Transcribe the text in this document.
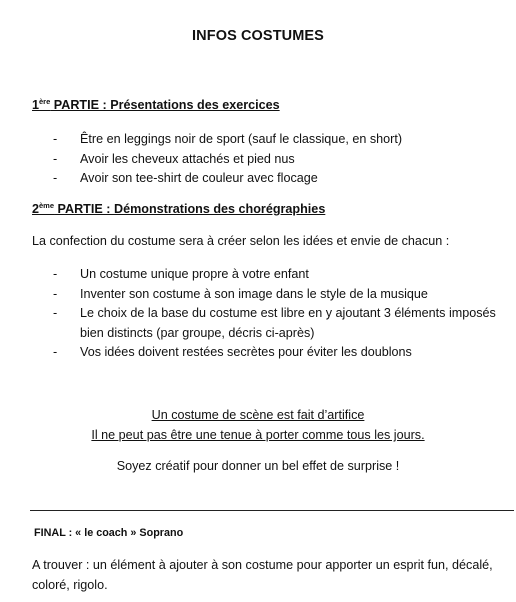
INFOS COSTUMES
1ère PARTIE : Présentations des exercices
- Être en leggings noir de sport (sauf le classique, en short)
- Avoir les cheveux attachés et pied nus
- Avoir son tee-shirt de couleur avec flocage
2ème PARTIE : Démonstrations des chorégraphies
La confection du costume sera à créer selon les idées et envie de chacun :
- Un costume unique propre à votre enfant
- Inventer son costume à son image dans le style de la musique
- Le choix de la base du costume est libre en y ajoutant 3 éléments imposés bien distincts (par groupe, décris ci-après)
- Vos idées doivent restées secrètes pour éviter les doublons
Un costume de scène est fait d’artifice
Il ne peut pas être une tenue à porter comme tous les jours.
Soyez créatif pour donner un bel effet de surprise !
FINAL : « le coach » Soprano
A trouver : un élément à ajouter à son costume pour apporter un esprit fun, décalé, coloré, rigolo.
